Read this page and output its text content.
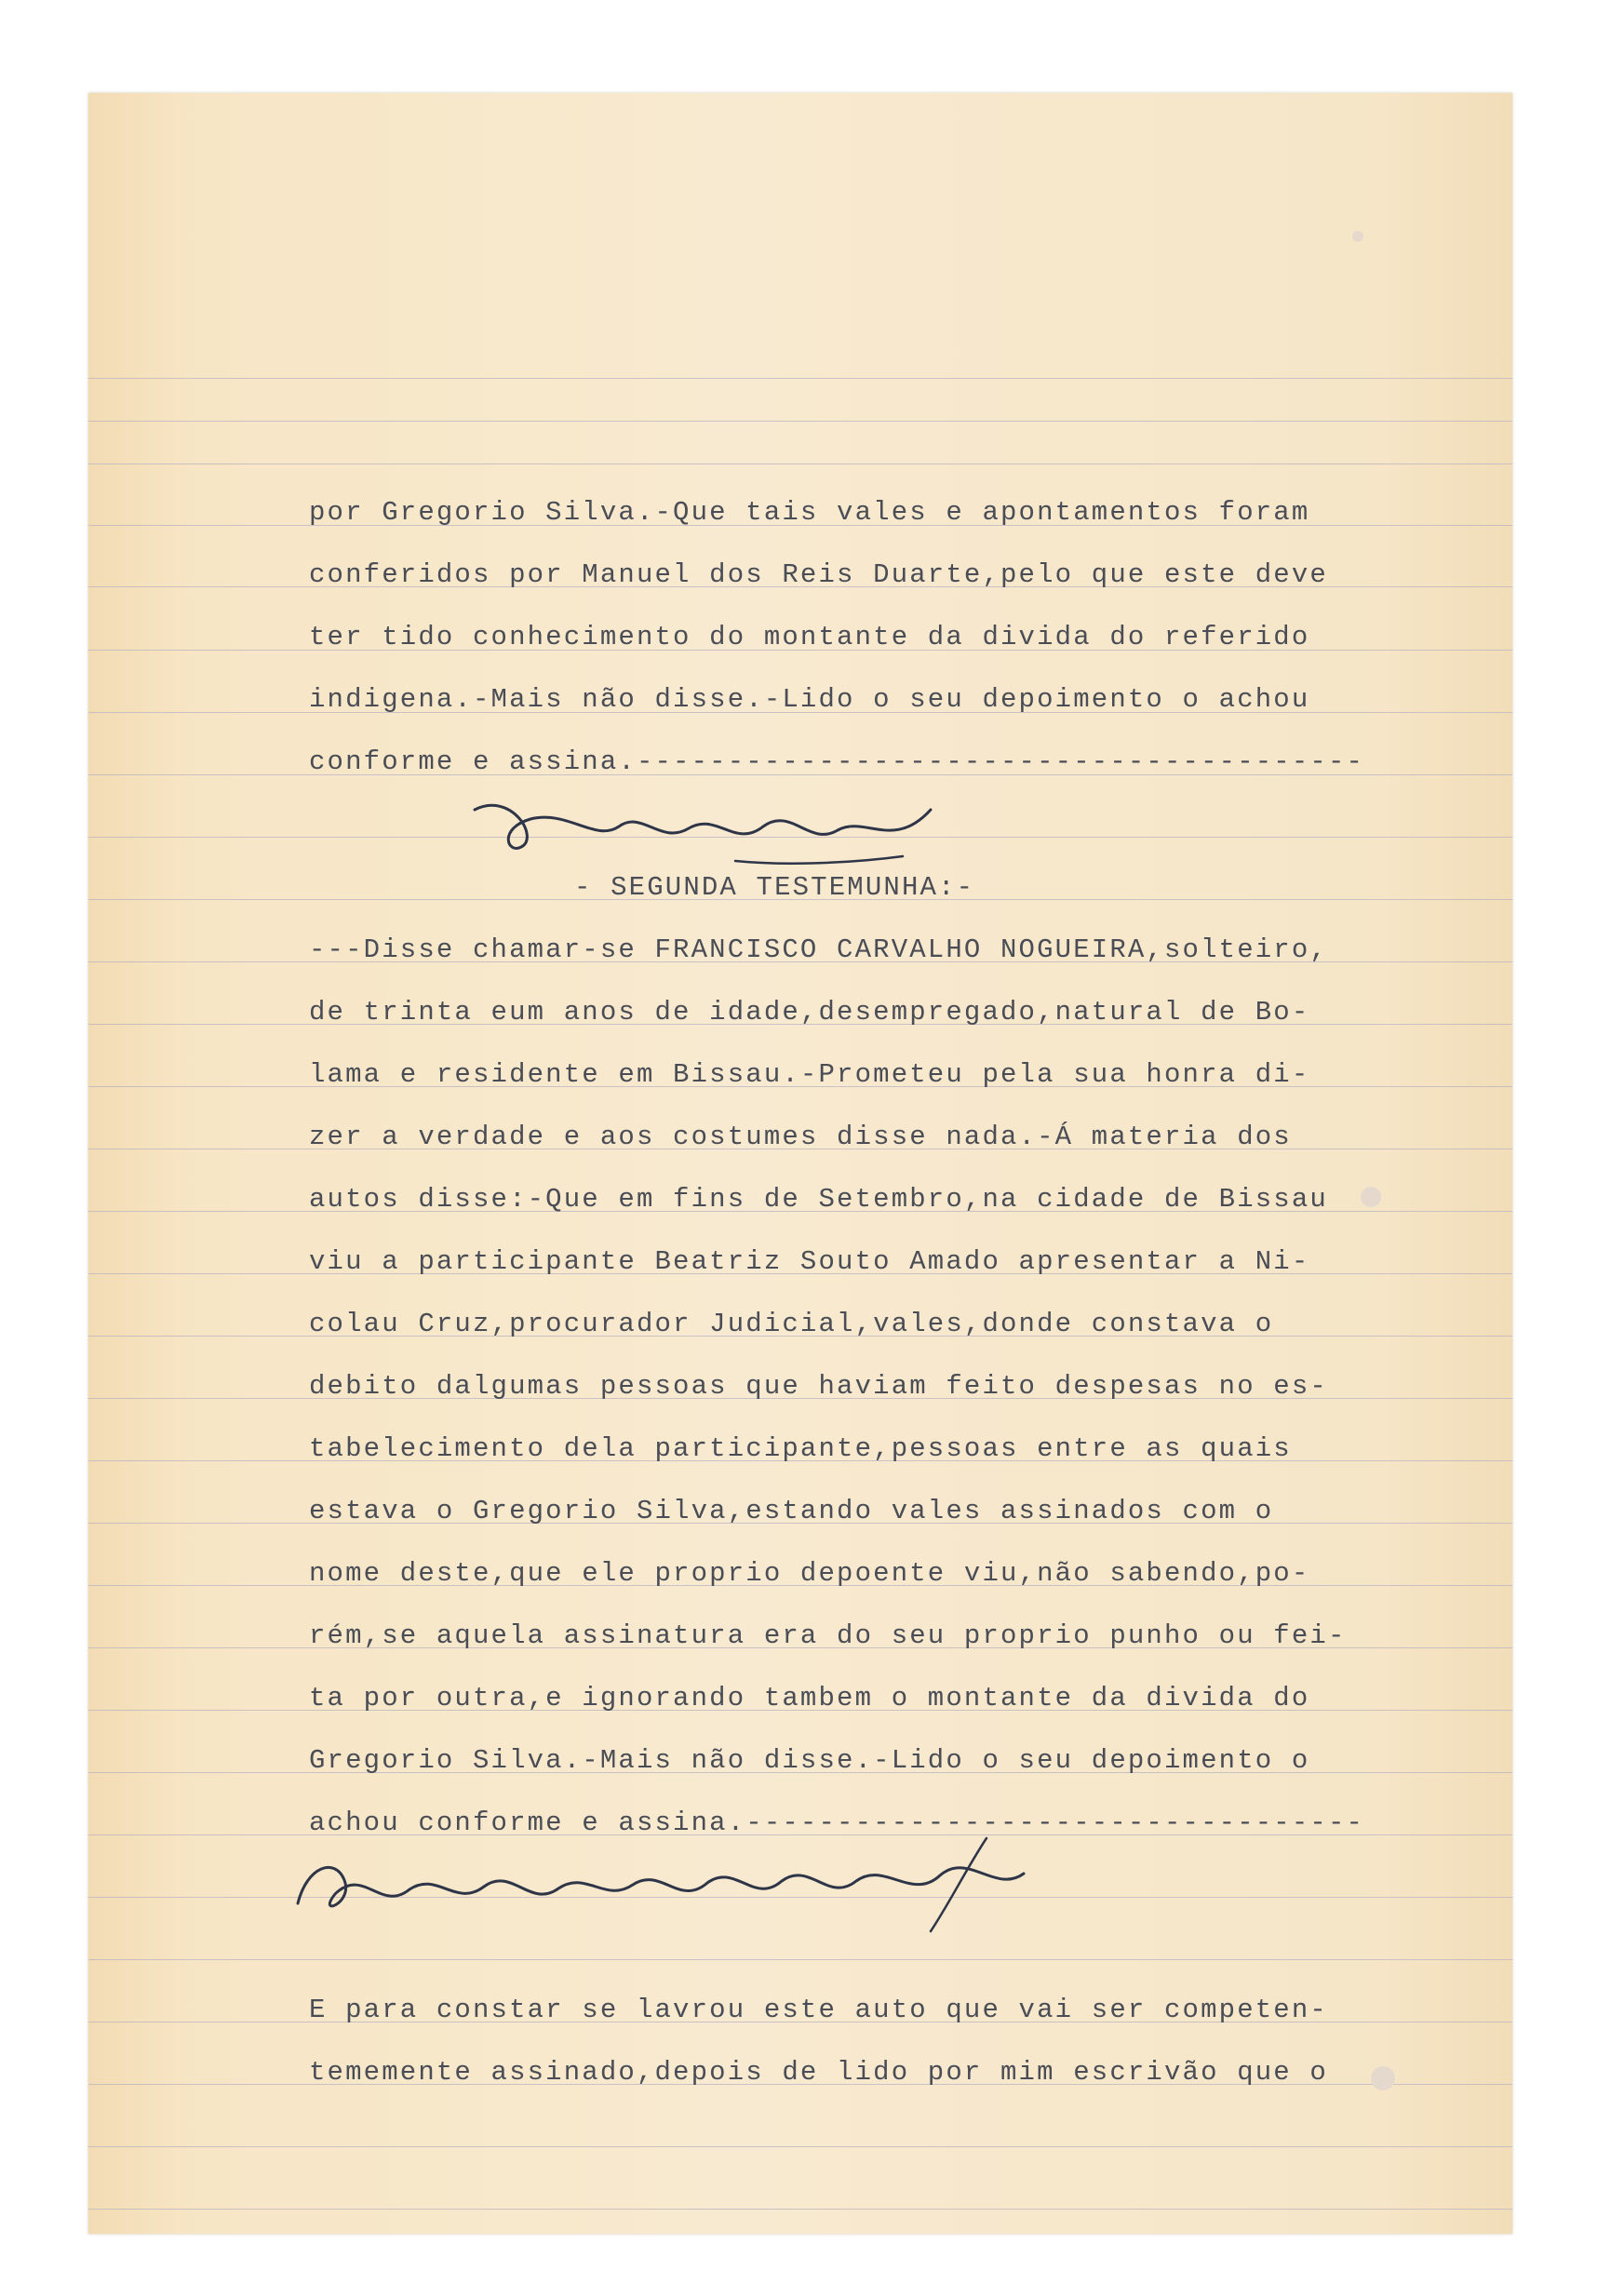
por Gregorio Silva.-Que tais vales e apontamentos foram
conferidos por Manuel dos Reis Duarte,pelo que este deve
ter tido conhecimento do montante da divida do referido
indigena.-Mais não disse.-Lido o seu depoimento o achou
conforme e assina.----------------------------------------
- SEGUNDA TESTEMUNHA:-
---Disse chamar-se FRANCISCO CARVALHO NOGUEIRA,solteiro,
de trinta eum anos de idade,desempregado,natural de Bo-
lama e residente em Bissau.-Prometeu pela sua honra di-
zer a verdade e aos costumes disse nada.-Á materia dos
autos disse:-Que em fins de Setembro,na cidade de Bissau
viu a participante Beatriz Souto Amado apresentar a Ni-
colau Cruz,procurador Judicial,vales,donde constava o
debito dalgumas pessoas que haviam feito despesas no es-
tabelecimento dela participante,pessoas entre as quais
estava o Gregorio Silva,estando vales assinados com o
nome deste,que ele proprio depoente viu,não sabendo,po-
rém,se aquela assinatura era do seu proprio punho ou fei-
ta por outra,e ignorando tambem o montante da divida do
Gregorio Silva.-Mais não disse.-Lido o seu depoimento o
achou conforme e assina.----------------------------------
E para constar se lavrou este auto que vai ser competen-
tememente assinado,depois de lido por mim escrivão que o
